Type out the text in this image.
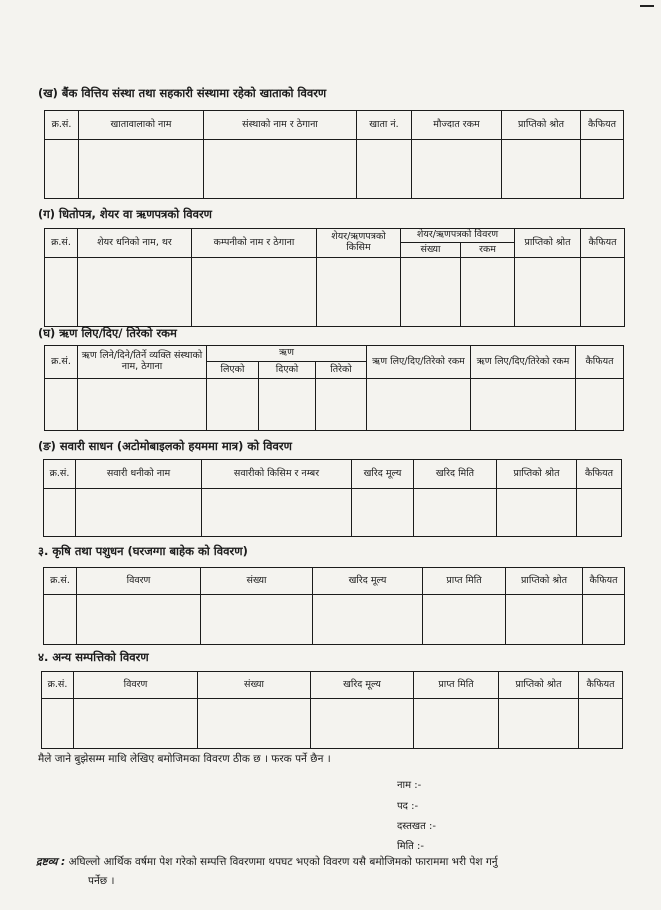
(ख) बैंक वित्तिय संस्था तथा सहकारी संस्थामा रहेको खाताको विवरण
क्र.सं.	खातावालाको नाम	संस्थाको नाम र ठेगाना	खाता नं.	मौज्दात रकम	प्राप्तिको श्रोत	कैफियत

(ग) धितोपत्र, शेयर वा ऋणपत्रको विवरण
क्र.सं.	शेयर धनिको नाम, थर	कम्पनीको नाम र ठेगाना	शेयर/ऋणपत्रको किसिम	शेयर/ऋणपत्रको विवरण		प्राप्तिको श्रोत	कैफियत
				संख्या	रकम		

(घ) ऋण लिए/दिए/ तिरेको रकम
क्र.सं.	ऋण लिने/दिने/तिर्ने व्यक्ति संस्थाको नाम, ठेगाना	ऋण			ऋण लिए/दिए/तिरेको रकम	ऋण लिए/दिए/तिरेको रकम	कैफियत
		लिएको	दिएको	तिरेको			

(ङ) सवारी साधन (अटोमोबाइलको हयममा मात्र) को विवरण
क्र.सं.	सवारी धनीको नाम	सवारीको किसिम र नम्बर	खरिद मूल्य	खरिद मिति	प्राप्तिको श्रोत	कैफियत

३. कृषि तथा पशुधन (घरजग्गा बाहेक को विवरण)
क्र.सं.	विवरण	संख्या	खरिद मूल्य	प्राप्त मिति	प्राप्तिको श्रोत	कैफियत

४. अन्य सम्पत्तिको विवरण
क्र.सं.	विवरण	संख्या	खरिद मूल्य	प्राप्त मिति	प्राप्तिको श्रोत	कैफियत

मैले जाने बुझेसम्म माथि लेखिए बमोजिमका विवरण ठीक छ । फरक पर्ने छैन ।
नाम :-
पद :-
दस्तखत :-
मिति :-
द्रष्टव्य : अघिल्लो आर्थिक वर्षमा पेश गरेको सम्पत्ति विवरणमा थपघट भएको विवरण यसै बमोजिमको फाराममा भरी पेश गर्नु
पर्नेछ ।
